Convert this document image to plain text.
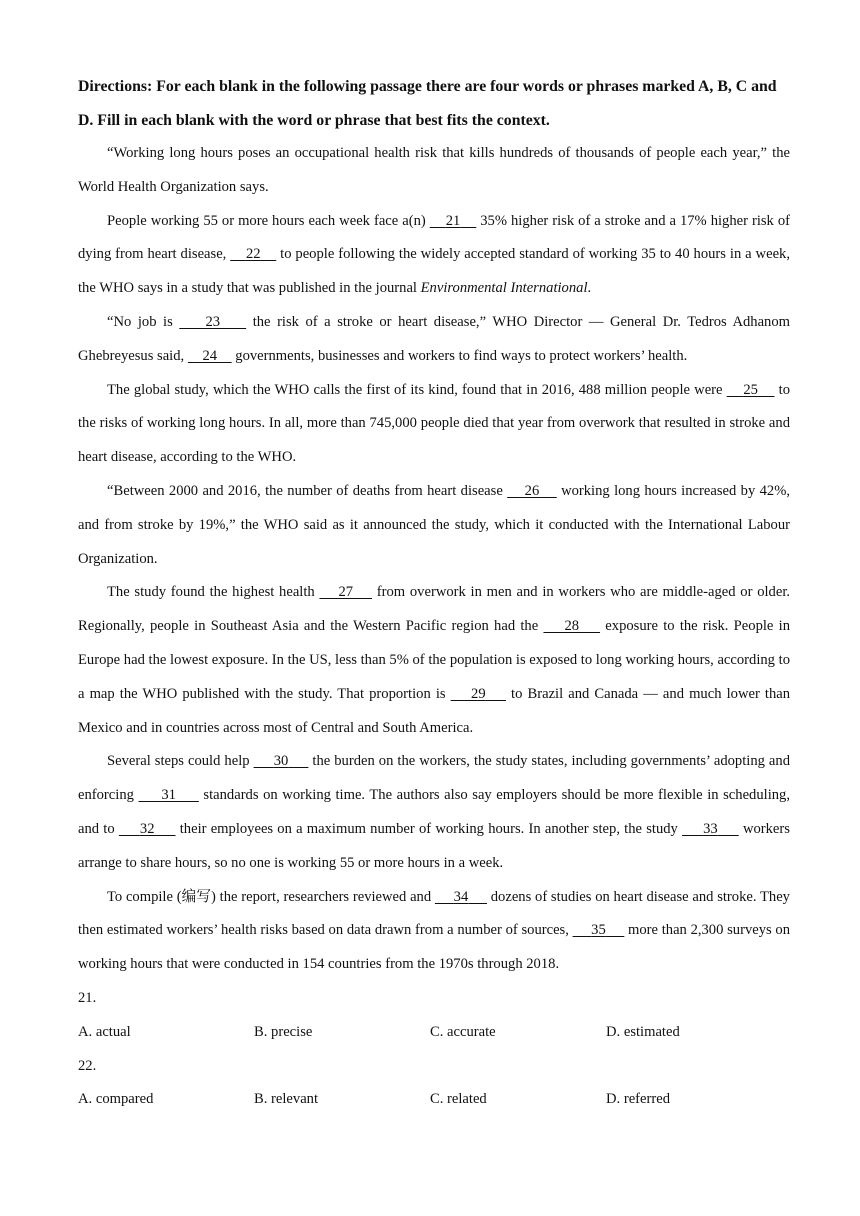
Directions: For each blank in the following passage there are four words or phrases marked A, B, C and D. Fill in each blank with the word or phrase that best fits the context.

“Working long hours poses an occupational health risk that kills hundreds of thousands of people each year,” the World Health Organization says.

People working 55 or more hours each week face a(n)     21     35% higher risk of a stroke and a 17% higher risk of dying from heart disease,     22     to people following the widely accepted standard of working 35 to 40 hours in a week, the WHO says in a study that was published in the journal Environmental International.

“No job is     23     the risk of a stroke or heart disease,” WHO Director — General Dr. Tedros Adhanom Ghebreyesus said,     24     governments, businesses and workers to find ways to protect workers’ health.

The global study, which the WHO calls the first of its kind, found that in 2016, 488 million people were     25     to the risks of working long hours. In all, more than 745,000 people died that year from overwork that resulted in stroke and heart disease, according to the WHO.

“Between 2000 and 2016, the number of deaths from heart disease     26     working long hours increased by 42%, and from stroke by 19%,” the WHO said as it announced the study, which it conducted with the International Labour Organization.

The study found the highest health     27     from overwork in men and in workers who are middle-aged or older. Regionally, people in Southeast Asia and the Western Pacific region had the     28     exposure to the risk. People in Europe had the lowest exposure. In the US, less than 5% of the population is exposed to long working hours, according to a map the WHO published with the study. That proportion is     29     to Brazil and Canada — and much lower than Mexico and in countries across most of Central and South America.

Several steps could help      30      the burden on the workers, the study states, including governments’ adopting and enforcing      31      standards on working time. The authors also say employers should be more flexible in scheduling, and to      32      their employees on a maximum number of working hours. In another step, the study      33      workers arrange to share hours, so no one is working 55 or more hours in a week.

To compile (编写) the report, researchers reviewed and      34      dozens of studies on heart disease and stroke. They then estimated workers’ health risks based on data drawn from a number of sources,      35      more than 2,300 surveys on working hours that were conducted in 154 countries from the 1970s through 2018.

21.

A. actual	B. precise	C. accurate	D. estimated

22.

A. compared	B. relevant	C. related	D. referred
